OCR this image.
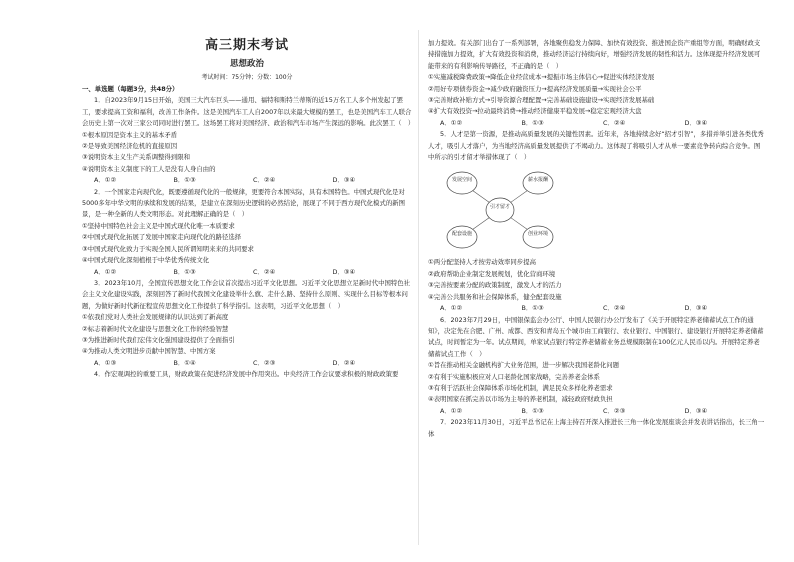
高三期末考试
思想政治
考试时间：75分钟；分数：100分
一、单选题（每题3分，共48分）

1．自2023年9月15日开始，美国三大汽车巨头——通用、福特和斯特兰蒂斯的近15万名工人多个州发起了罢工，要求提高工资和福利，改善工作条件。这是美国汽车工人自2007年以来最大规模的罢工，也是美国汽车工人联合会历史上第一次对三家公司同时进行罢工。这场罢工将对美国经济、政治和汽车市场产生深远的影响。此次罢工（　）

①根本原因是资本主义的基本矛盾

②是导致美国经济危机的直接原因

③说明资本主义生产关系调整得到限和

④说明资本主义制度下的工人是没有人身自由的

A．①②	B．①③	C．②④	D．③④

2．一个国家走向现代化，既要遵循现代化的一般规律，更要符合本国实际，具有本国特色。中国式现代化是对5000多年中华文明的承续和发展的结果，是建立在深刻历史逻辑的必然结论，展现了不同于西方现代化模式的新图景，是一种全新的人类文明形态。对此理解正确的是（　）

①坚持中国特色社会主义是中国式现代化唯一本质要求

②中国式现代化拓展了发展中国家走向现代化的路径选择

③中国式现代化致力于实现全国人民所谓知明来来的共同要求

④中国式现代化深刻植根于中华优秀传统文化

A．①②	B．①③	C．②④	D．③④

3．2023年10月，全国宣传思想文化工作会议首次提出习近平文化思想。习近平文化思想立足新时代中国特色社会主义文化建设实践，深刻回答了新时代我国文化建设举什么旗、走什么路、坚持什么原则、实现什么目标等根本问题，为做好新时代新征程宣传思想文化工作提供了科学指引。这表明，习近平文化思想（　）

①依我们党对人类社会发展规律的认识达到了新高度

②标志着新时代文化建设与思想文化工作的经验智慧

③为推进新时代我们宏伟文化强国建设提供了全面指引

④为推动人类文明进步贡献中国智慧、中国方案

A．①③	B．①④	C．②③	D．②④

4．作宏观调控的重要工具，财政政策在促进经济发展中作用突出。中央经济工作会议要求积极的财政政策要

加力提效。有关部门出台了一系列部署，各地聚焦稳发力保障、加快有效投资、推进国企资产重组等方面，明确财政支持措施加力提效，扩大有效投资和消费，推动经济运行持续向好，增强经济发展的韧性和活力。这体现提升经济发展可能带来的有利影响传导路径，不正确的是（　）

①实施减税降费政策→降低企业经营成本→提振市场主体信心→促进实体经济发展

②用好专项债券资金→减少政府融资压力→提高经济发展质量→实现社会公平

③完善财政补贴方式→引导资源合理配置→完善基础设施建设→实现经济发展基础

④扩大有效投资→拉动最终消费→推动经济健康平稳发展→稳定宏观经济大盘

A．①②	B．①③	C．②④	D．③④

5．人才是第一资源，是推动高质量发展的关键性因素。近年来，各地持续念好“招才引智”，多措并举引进各类优秀人才，吸引人才落户，为当地经济高质量发展提供了不竭动力。这体现了将吸引人才从单一要素竞争转向综合竞争。图中所示的引才留才举措体现了（　）

引才留才
发展空间	薪水报酬
配套设施	创业环境

①两分配坚持人才按劳动效率同步提高

②政府帮助企业制定发展规划，优化营商环境

③完善按要素分配的政策制度，激发人才的活力

④完善公共服务和社会保障体系，健全配套设施

A．①②	B．①③	C．②④	D．③④

6．2023年7月29日，中国银保监会办公厅、中国人民银行办公厅发布了《关于开展特定养老储蓄试点工作的通知》，决定先在合肥、广州、成都、西安和青岛五个城市由工商银行、农业银行、中国银行、建设银行开展特定养老储蓄试点，时间暂定为一年。试点期间，单家试点银行特定养老储蓄业务总规模限制在100亿元人民币以内。开展特定养老储蓄试点工作（　）

①旨在推动相关金融机构扩大业务范围，进一步解决我国老龄化问题

②有利于实施积极应对人口老龄化国家战略，完善养老金体系

③有利于活跃社会保障体系市场化机制，满足民众多样化养老需求

④表明国家在抓完善以市场为主导的养老机制，减轻政府财政负担

A．①②	B．①③	C．②③	D．③④

7．2023年11月30日，习近平总书记在上海主持召开深入推进长三角一体化发展座谈会并发表讲话指出，长三角一体
